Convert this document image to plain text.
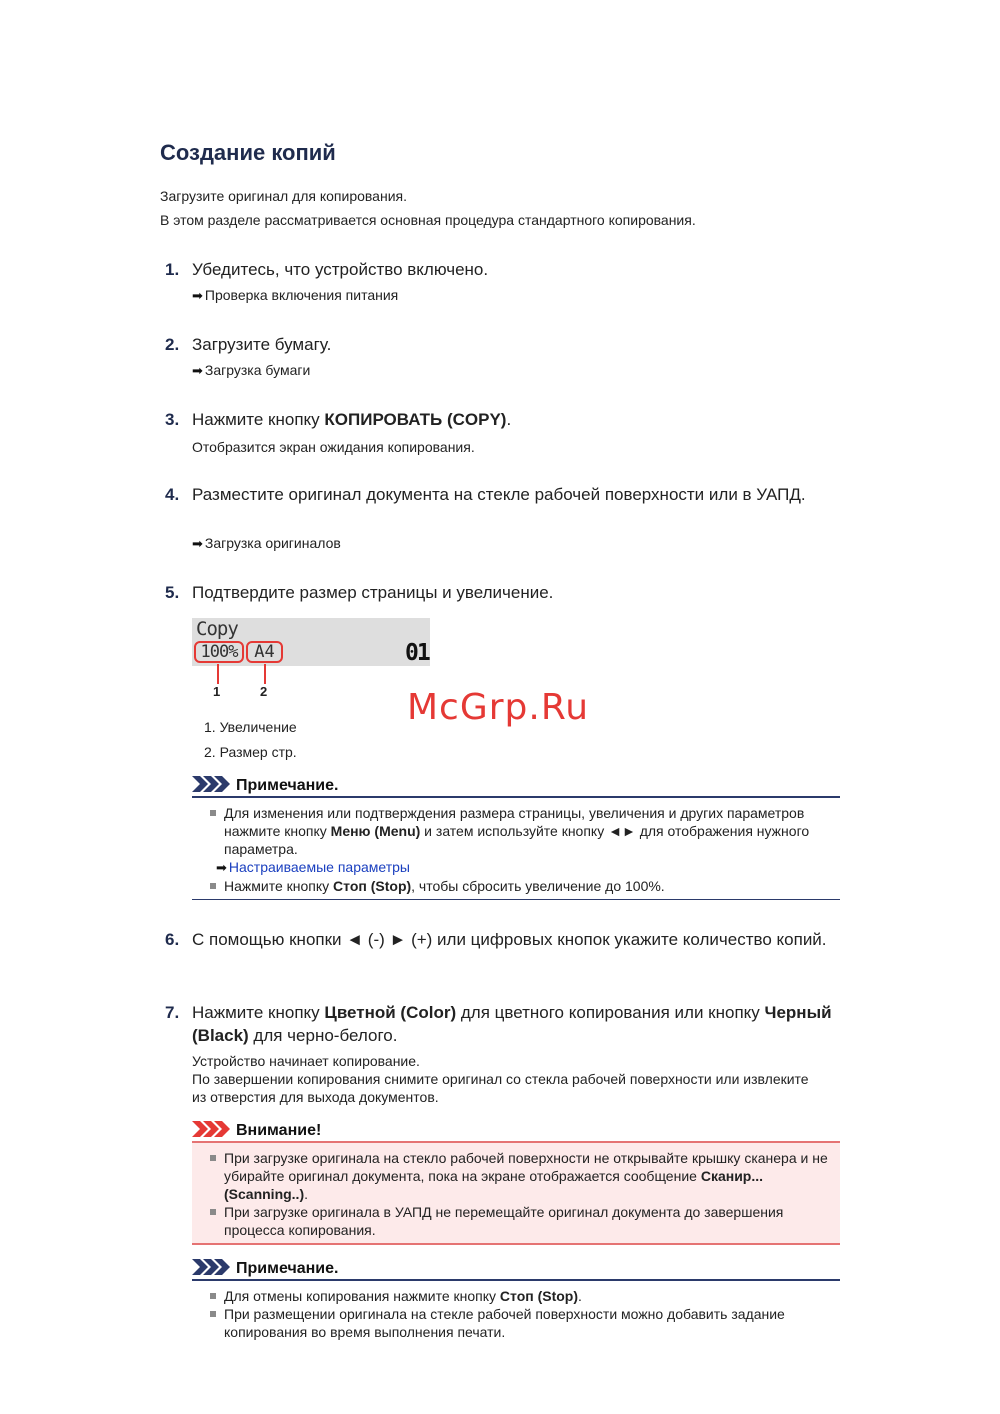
Создание копий
Загрузите оригинал для копирования.
В этом разделе рассматривается основная процедура стандартного копирования.
1. Убедитесь, что устройство включено.
➡ Проверка включения питания
2. Загрузите бумагу.
➡ Загрузка бумаги
3. Нажмите кнопку КОПИРОВАТЬ (COPY).
Отобразится экран ожидания копирования.
4. Разместите оригинал документа на стекле рабочей поверхности или в УАПД.
➡ Загрузка оригиналов
5. Подтвердите размер страницы и увеличение.
Copy
100% A4	01
1	2
1. Увеличение
2. Размер стр.
Примечание.
Для изменения или подтверждения размера страницы, увеличения и других параметров нажмите кнопку Меню (Menu) и затем используйте кнопку ◄► для отображения нужного параметра.
➡ Настраиваемые параметры
Нажмите кнопку Стоп (Stop), чтобы сбросить увеличение до 100%.
6. С помощью кнопки ◄ (-) ► (+) или цифровых кнопок укажите количество копий.
7. Нажмите кнопку Цветной (Color) для цветного копирования или кнопку Черный (Black) для черно-белого.
Устройство начинает копирование.
По завершении копирования снимите оригинал со стекла рабочей поверхности или извлеките из отверстия для выхода документов.
Внимание!
При загрузке оригинала на стекло рабочей поверхности не открывайте крышку сканера и не убирайте оригинал документа, пока на экране отображается сообщение Сканир... (Scanning..).
При загрузке оригинала в УАПД не перемещайте оригинал документа до завершения процесса копирования.
Примечание.
Для отмены копирования нажмите кнопку Стоп (Stop).
При размещении оригинала на стекле рабочей поверхности можно добавить задание копирования во время выполнения печати.
McGrp.Ru
